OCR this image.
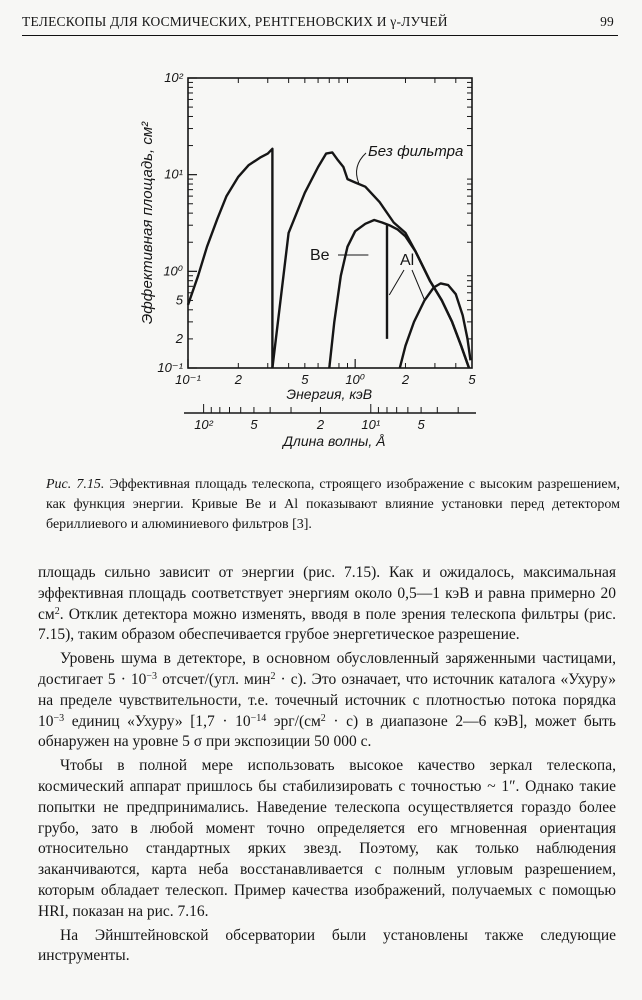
ТЕЛЕСКОПЫ ДЛЯ КОСМИЧЕСКИХ, РЕНТГЕНОВСКИХ И γ-ЛУЧЕЙ	99
10⁻¹	2	5	10⁰	2	5
10²
10¹
10⁰
5
2
10⁻¹
Энергия, кэВ
Эффективная площадь, см²	Без фильтра
Be	Al
10²	5	2	10¹	5
Длина волны, Å
Рис. 7.15. Эффективная площадь телескопа, строящего изображение с высоким разрешением, как функция энергии. Кривые Be и Al показывают влияние установки перед детектором бериллиевого и алюминиевого фильтров [3].

площадь сильно зависит от энергии (рис. 7.15). Как и ожидалось, максимальная эффективная площадь соответствует энергиям около 0,5—1 кэВ и равна примерно 20 $см^2$. Отклик детектора можно изменять, вводя в поле зрения телескопа фильтры (рис. 7.15), таким образом обеспечивается грубое энергетическое разрешение.

Уровень шума в детекторе, в основном обусловленный заряженными частицами, достигает $5 \cdot 10^{-3}$ отсчет/(угл. мин$^2$ · с). Это означает, что источник каталога «Ухуру» на пределе чувствительности, т.е. точечный источник с плотностью потока порядка $10^{-3}$ единиц «Ухуру» [$1,7 \cdot 10^{-14}$ эрг/$(см^2 \cdot с)$ в диапазоне 2—6 кэВ], может быть обнаружен на уровне 5 σ при экспозиции 50 000 с.

Чтобы в полной мере использовать высокое качество зеркал телескопа, космический аппарат пришлось бы стабилизировать с точностью ~ 1″. Однако такие попытки не предпринимались. Наведение телескопа осуществляется гораздо более грубо, зато в любой момент точно определяется его мгновенная ориентация относительно стандартных ярких звезд. Поэтому, как только наблюдения заканчиваются, карта неба восстанавливается с полным угловым разрешением, которым обладает телескоп. Пример качества изображений, получаемых с помощью HRI, показан на рис. 7.16.

На Эйнштейновской обсерватории были установлены также следующие инструменты.
